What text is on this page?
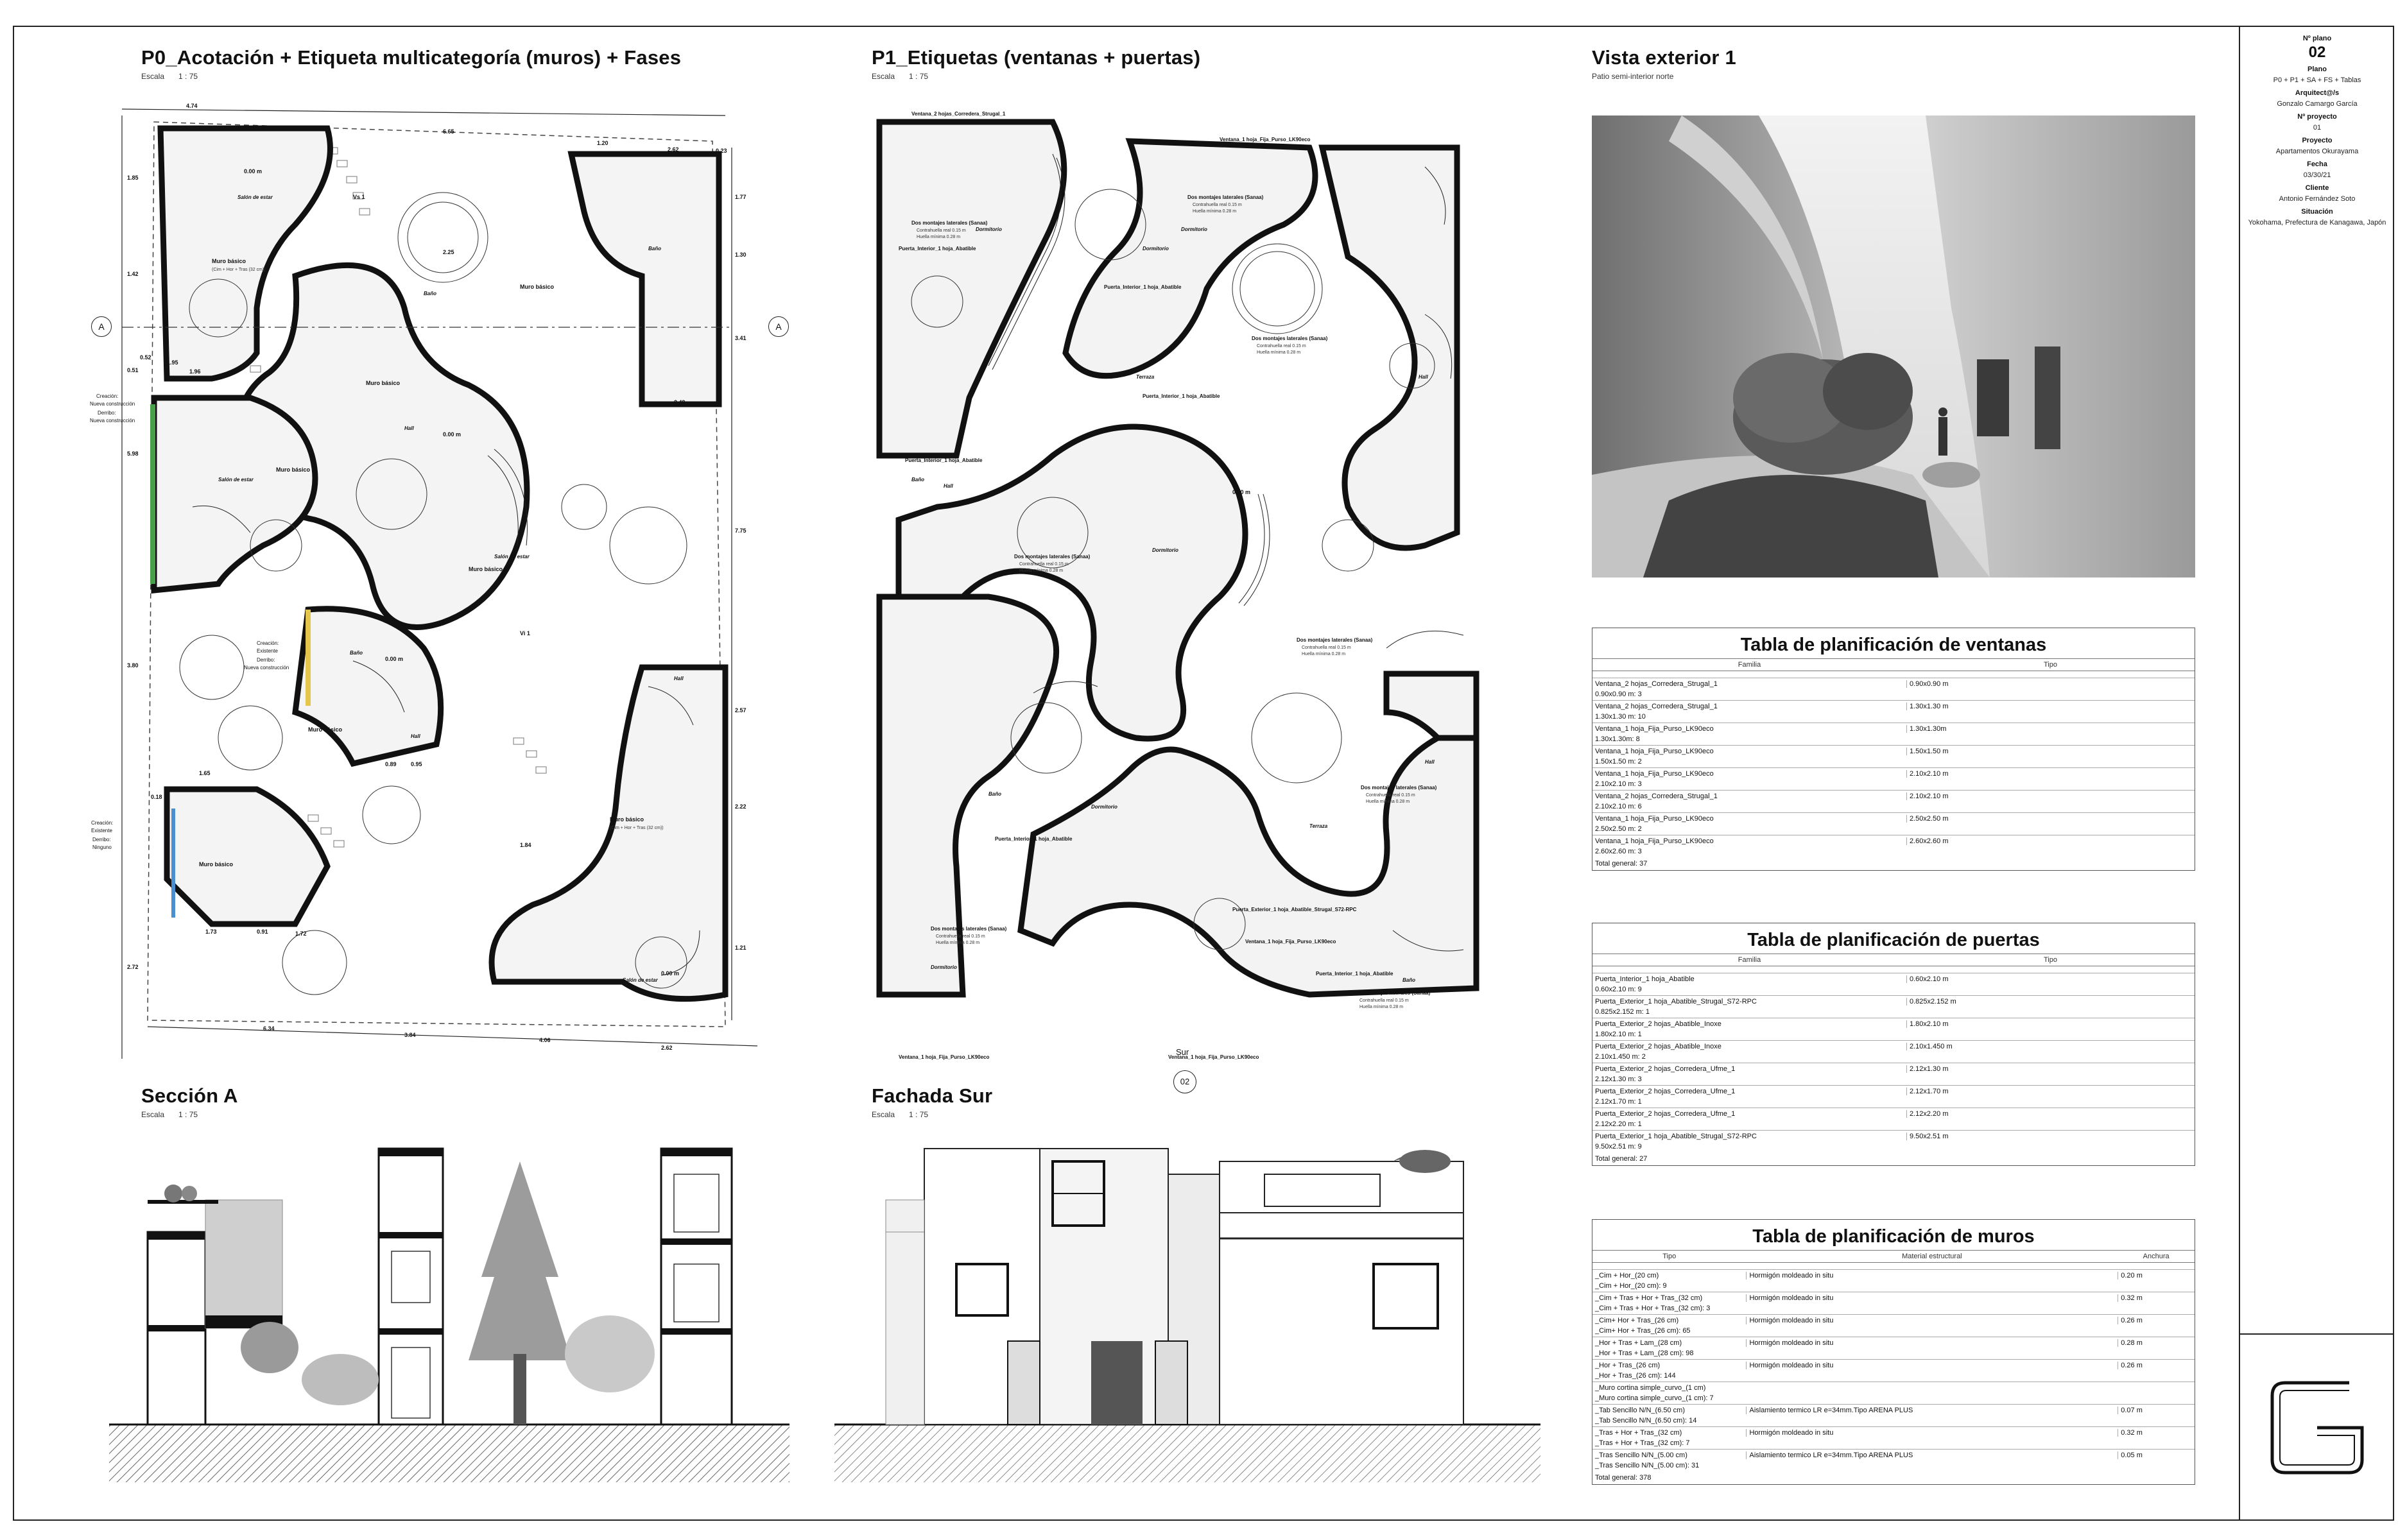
P0_Acotación + Etiqueta multicategoría (muros) + Fases
Escala 1 : 75
Muro básico
Muro básico
Muro básico
Muro básico
Muro básico
Muro básico
Muro básico
Muro básico
(Cim + Hor + Tras (32 cm))
(Cim + Hor + Tras (32 cm))
Creación:
Nueva construcción
Derribo:
Nueva construcción
Creación:
Existente
Derribo:
Nueva construcción
Creación:
Existente
Derribo:
Ninguno
Salón de estar
Salón de estar
Salón de estar
Salón de estar
Baño
Baño
Baño
Hall
Hall
Hall
0.00 m
0.00 m
0.00 m
0.00 m
Vs 1
Vi 1
4.74
6.65
1.20
2.62	0.23
1.77
1.30
3.41
2.25
1.95
1.96
0.51
0.52
5.98
7.75
2.49
2.57
1.65
0.18
2.22
1.84
1.73	0.91	1.72
0.89 0.95
2.72
1.21
6.34
3.84
4.06
2.62
1.85
1.42
3.80
A	A
P1_Etiquetas (ventanas + puertas)
Escala 1 : 75
Ventana_2 hojas_Corredera_Strugal_1
Ventana_1 hoja_Fija_Purso_LK90eco
Puerta_Interior_1 hoja_Abatible
Puerta_Interior_1 hoja_Abatible
Puerta_Interior_1 hoja_Abatible
Puerta_Interior_1 hoja_Abatible
Puerta_Interior_1 hoja_Abatible
Puerta_Interior_1 hoja_Abatible
Puerta_Exterior_1 hoja_Abatible_Strugal_S72-RPC
Ventana_1 hoja_Fija_Purso_LK90eco
Ventana_1 hoja_Fija_Purso_LK90eco
Ventana_1 hoja_Fija_Purso_LK90eco
Dos montajes laterales (Sanaa)
Contrahuella real 0.15 m
Huella mínima 0.28 m
Dos montajes laterales (Sanaa)
Contrahuella real 0.15 m
Huella mínima 0.28 m
Dos montajes laterales (Sanaa)
Contrahuella real 0.15 m
Huella mínima 0.28 m
Dos montajes laterales (Sanaa)
Contrahuella real 0.15 m
Huella mínima 0.28 m
Dos montajes laterales (Sanaa)
Contrahuella real 0.15 m
Huella mínima 0.28 m
Dos montajes laterales (Sanaa)
Contrahuella real 0.15 m
Huella mínima 0.28 m
Dos montajes laterales (Sanaa)
Contrahuella real 0.15 m
Huella mínima 0.28 m
Dos montajes laterales (Sanaa)
Contrahuella real 0.15 m
Huella mínima 0.28 m
Dormitorio
Dormitorio
Dormitorio
Dormitorio
Dormitorio
Dormitorio
Terraza
Terraza
Baño
Baño
Baño
Hall
Hall
Hall
0.00 m
Sur
02
Vista exterior 1
Patio semi-interior norte
Tabla de planificación de ventanas
Familia	Tipo
Ventana_2 hojas_Corredera_Strugal_1	0.90x0.90 m
0.90x0.90 m: 3
Ventana_2 hojas_Corredera_Strugal_1	1.30x1.30 m
1.30x1.30 m: 10
Ventana_1 hoja_Fija_Purso_LK90eco	1.30x1.30m
1.30x1.30m: 8
Ventana_1 hoja_Fija_Purso_LK90eco	1.50x1.50 m
1.50x1.50 m: 2
Ventana_1 hoja_Fija_Purso_LK90eco	2.10x2.10 m
2.10x2.10 m: 3
Ventana_2 hojas_Corredera_Strugal_1	2.10x2.10 m
2.10x2.10 m: 6
Ventana_1 hoja_Fija_Purso_LK90eco	2.50x2.50 m
2.50x2.50 m: 2
Ventana_1 hoja_Fija_Purso_LK90eco	2.60x2.60 m
2.60x2.60 m: 3
Total general: 37
Tabla de planificación de puertas
Familia	Tipo
Puerta_Interior_1 hoja_Abatible	0.60x2.10 m
0.60x2.10 m: 9
Puerta_Exterior_1 hoja_Abatible_Strugal_S72-RPC	0.825x2.152 m
0.825x2.152 m: 1
Puerta_Exterior_2 hojas_Abatible_Inoxe	1.80x2.10 m
1.80x2.10 m: 1
Puerta_Exterior_2 hojas_Abatible_Inoxe	2.10x1.450 m
2.10x1.450 m: 2
Puerta_Exterior_2 hojas_Corredera_Ufme_1	2.12x1.30 m
2.12x1.30 m: 3
Puerta_Exterior_2 hojas_Corredera_Ufme_1	2.12x1.70 m
2.12x1.70 m: 1
Puerta_Exterior_2 hojas_Corredera_Ufme_1	2.12x2.20 m
2.12x2.20 m: 1
Puerta_Exterior_1 hoja_Abatible_Strugal_S72-RPC	9.50x2.51 m
9.50x2.51 m: 9
Total general: 27
Tabla de planificación de muros
Tipo	Material estructural	Anchura
_Cim + Hor_(20 cm)	Hormigón moldeado in situ	0.20 m
_Cim + Hor_(20 cm): 9
_Cim + Tras + Hor + Tras_(32 cm)	Hormigón moldeado in situ	0.32 m
_Cim + Tras + Hor + Tras_(32 cm): 3
_Cim+ Hor + Tras_(26 cm)	Hormigón moldeado in situ	0.26 m
_Cim+ Hor + Tras_(26 cm): 65
_Hor + Tras + Lam_(28 cm)	Hormigón moldeado in situ	0.28 m
_Hor + Tras + Lam_(28 cm): 98
_Hor + Tras_(26 cm)	Hormigón moldeado in situ	0.26 m
_Hor + Tras_(26 cm): 144
_Muro cortina simple_curvo_(1 cm)
_Muro cortina simple_curvo_(1 cm): 7
_Tab Sencillo N/N_(6.50 cm)	Aislamiento termico LR e=34mm.Tipo ARENA PLUS	0.07 m
_Tab Sencillo N/N_(6.50 cm): 14
_Tras + Hor + Tras_(32 cm)	Hormigón moldeado in situ	0.32 m
_Tras + Hor + Tras_(32 cm): 7
_Tras Sencillo N/N_(5.00 cm)	Aislamiento termico LR e=34mm.Tipo ARENA PLUS	0.05 m
_Tras Sencillo N/N_(5.00 cm): 31
Total general: 378
Sección A
Escala 1 : 75
Fachada Sur
Escala 1 : 75
Nº plano
02
Plano
P0 + P1 + SA + FS + Tablas
Arquitect@/s
Gonzalo Camargo García
Nº proyecto
01
Proyecto
Apartamentos Okurayama
Fecha
03/30/21
Cliente
Antonio Fernández Soto
Situación
Yokohama, Prefectura de Kanagawa, Japón
